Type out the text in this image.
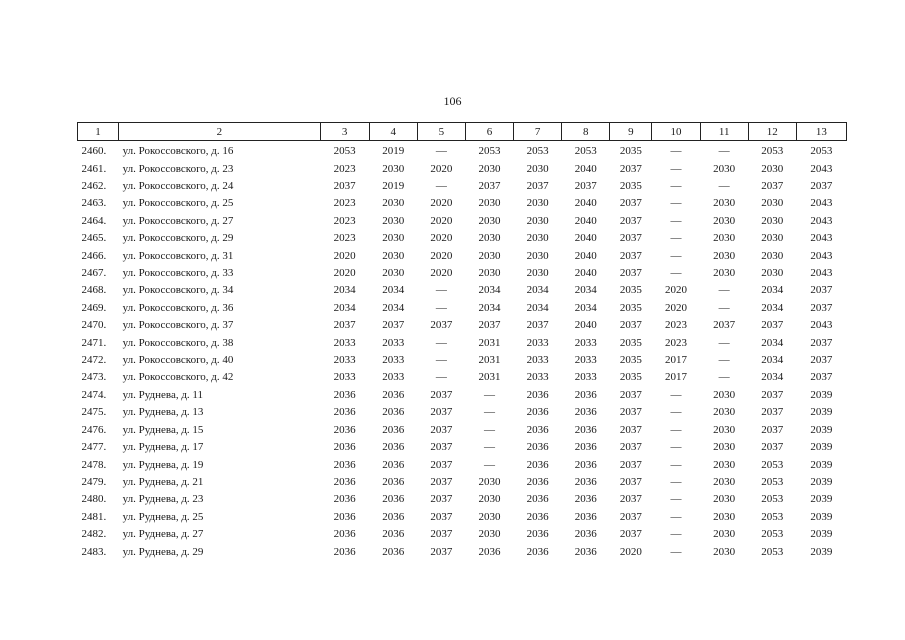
106
1	2	3	4	5	6	7	8	9	10	11	12	13
2460.	ул. Рокоссовского, д. 16	2053	2019	—	2053	2053	2053	2035	—	—	2053	2053
2461.	ул. Рокоссовского, д. 23	2023	2030	2020	2030	2030	2040	2037	—	2030	2030	2043
2462.	ул. Рокоссовского, д. 24	2037	2019	—	2037	2037	2037	2035	—	—	2037	2037
2463.	ул. Рокоссовского, д. 25	2023	2030	2020	2030	2030	2040	2037	—	2030	2030	2043
2464.	ул. Рокоссовского, д. 27	2023	2030	2020	2030	2030	2040	2037	—	2030	2030	2043
2465.	ул. Рокоссовского, д. 29	2023	2030	2020	2030	2030	2040	2037	—	2030	2030	2043
2466.	ул. Рокоссовского, д. 31	2020	2030	2020	2030	2030	2040	2037	—	2030	2030	2043
2467.	ул. Рокоссовского, д. 33	2020	2030	2020	2030	2030	2040	2037	—	2030	2030	2043
2468.	ул. Рокоссовского, д. 34	2034	2034	—	2034	2034	2034	2035	2020	—	2034	2037
2469.	ул. Рокоссовского, д. 36	2034	2034	—	2034	2034	2034	2035	2020	—	2034	2037
2470.	ул. Рокоссовского, д. 37	2037	2037	2037	2037	2037	2040	2037	2023	2037	2037	2043
2471.	ул. Рокоссовского, д. 38	2033	2033	—	2031	2033	2033	2035	2023	—	2034	2037
2472.	ул. Рокоссовского, д. 40	2033	2033	—	2031	2033	2033	2035	2017	—	2034	2037
2473.	ул. Рокоссовского, д. 42	2033	2033	—	2031	2033	2033	2035	2017	—	2034	2037
2474.	ул. Руднева, д. 11	2036	2036	2037	—	2036	2036	2037	—	2030	2037	2039
2475.	ул. Руднева, д. 13	2036	2036	2037	—	2036	2036	2037	—	2030	2037	2039
2476.	ул. Руднева, д. 15	2036	2036	2037	—	2036	2036	2037	—	2030	2037	2039
2477.	ул. Руднева, д. 17	2036	2036	2037	—	2036	2036	2037	—	2030	2037	2039
2478.	ул. Руднева, д. 19	2036	2036	2037	—	2036	2036	2037	—	2030	2053	2039
2479.	ул. Руднева, д. 21	2036	2036	2037	2030	2036	2036	2037	—	2030	2053	2039
2480.	ул. Руднева, д. 23	2036	2036	2037	2030	2036	2036	2037	—	2030	2053	2039
2481.	ул. Руднева, д. 25	2036	2036	2037	2030	2036	2036	2037	—	2030	2053	2039
2482.	ул. Руднева, д. 27	2036	2036	2037	2030	2036	2036	2037	—	2030	2053	2039
2483.	ул. Руднева, д. 29	2036	2036	2037	2036	2036	2036	2020	—	2030	2053	2039
